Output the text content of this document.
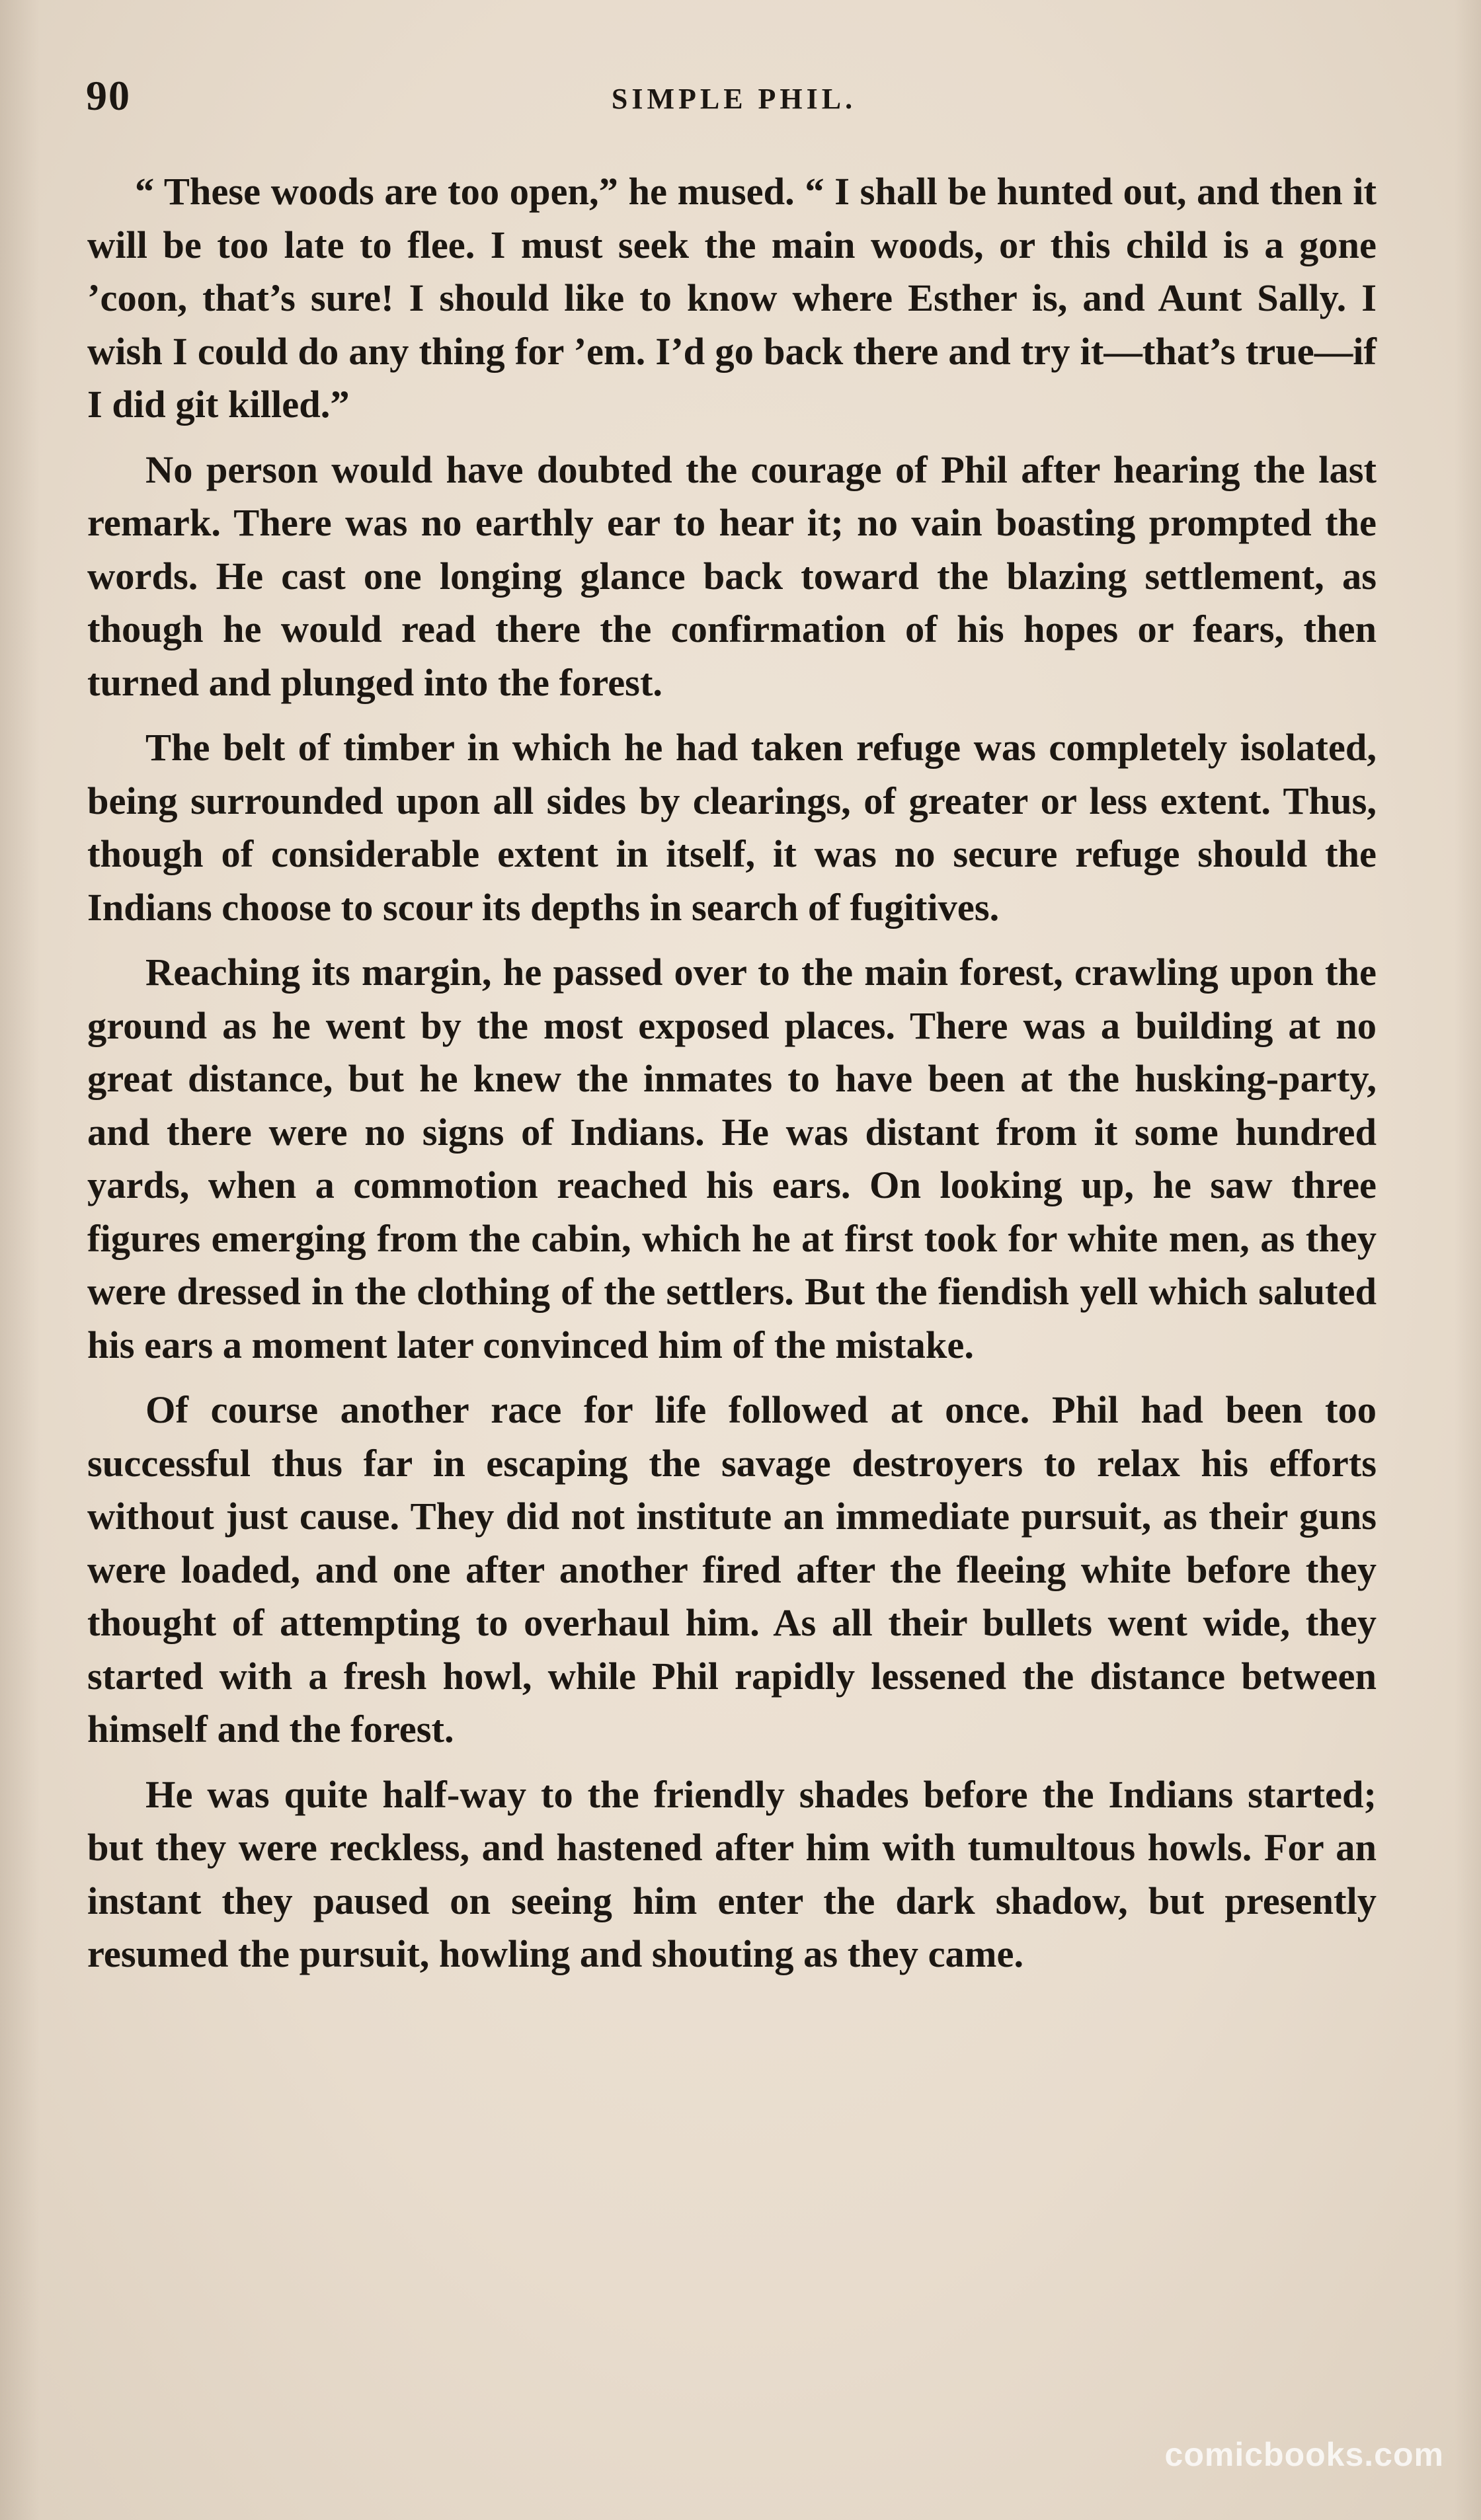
90	SIMPLE PHIL.

“ These woods are too open,” he mused. “ I shall be hunted out, and then it will be too late to flee. I must seek the main woods, or this child is a gone ’coon, that’s sure! I should like to know where Esther is, and Aunt Sally. I wish I could do any thing for ’em. I’d go back there and try it—that’s true—if I did git killed.”

No person would have doubted the courage of Phil after hearing the last remark. There was no earthly ear to hear it; no vain boasting prompted the words. He cast one longing glance back toward the blazing settlement, as though he would read there the confirmation of his hopes or fears, then turned and plunged into the forest.

The belt of timber in which he had taken refuge was completely isolated, being surrounded upon all sides by clearings, of greater or less extent. Thus, though of considerable extent in itself, it was no secure refuge should the Indians choose to scour its depths in search of fugitives.

Reaching its margin, he passed over to the main forest, crawling upon the ground as he went by the most exposed places. There was a building at no great distance, but he knew the inmates to have been at the husking-party, and there were no signs of Indians. He was distant from it some hundred yards, when a commotion reached his ears. On looking up, he saw three figures emerging from the cabin, which he at first took for white men, as they were dressed in the clothing of the settlers. But the fiendish yell which saluted his ears a moment later convinced him of the mistake.

Of course another race for life followed at once. Phil had been too successful thus far in escaping the savage destroyers to relax his efforts without just cause. They did not institute an immediate pursuit, as their guns were loaded, and one after another fired after the fleeing white before they thought of attempting to overhaul him. As all their bullets went wide, they started with a fresh howl, while Phil rapidly lessened the distance between himself and the forest.

He was quite half-way to the friendly shades before the Indians started; but they were reckless, and hastened after him with tumultous howls. For an instant they paused on seeing him enter the dark shadow, but presently resumed the pursuit, howling and shouting as they came.

comicbooks.com
